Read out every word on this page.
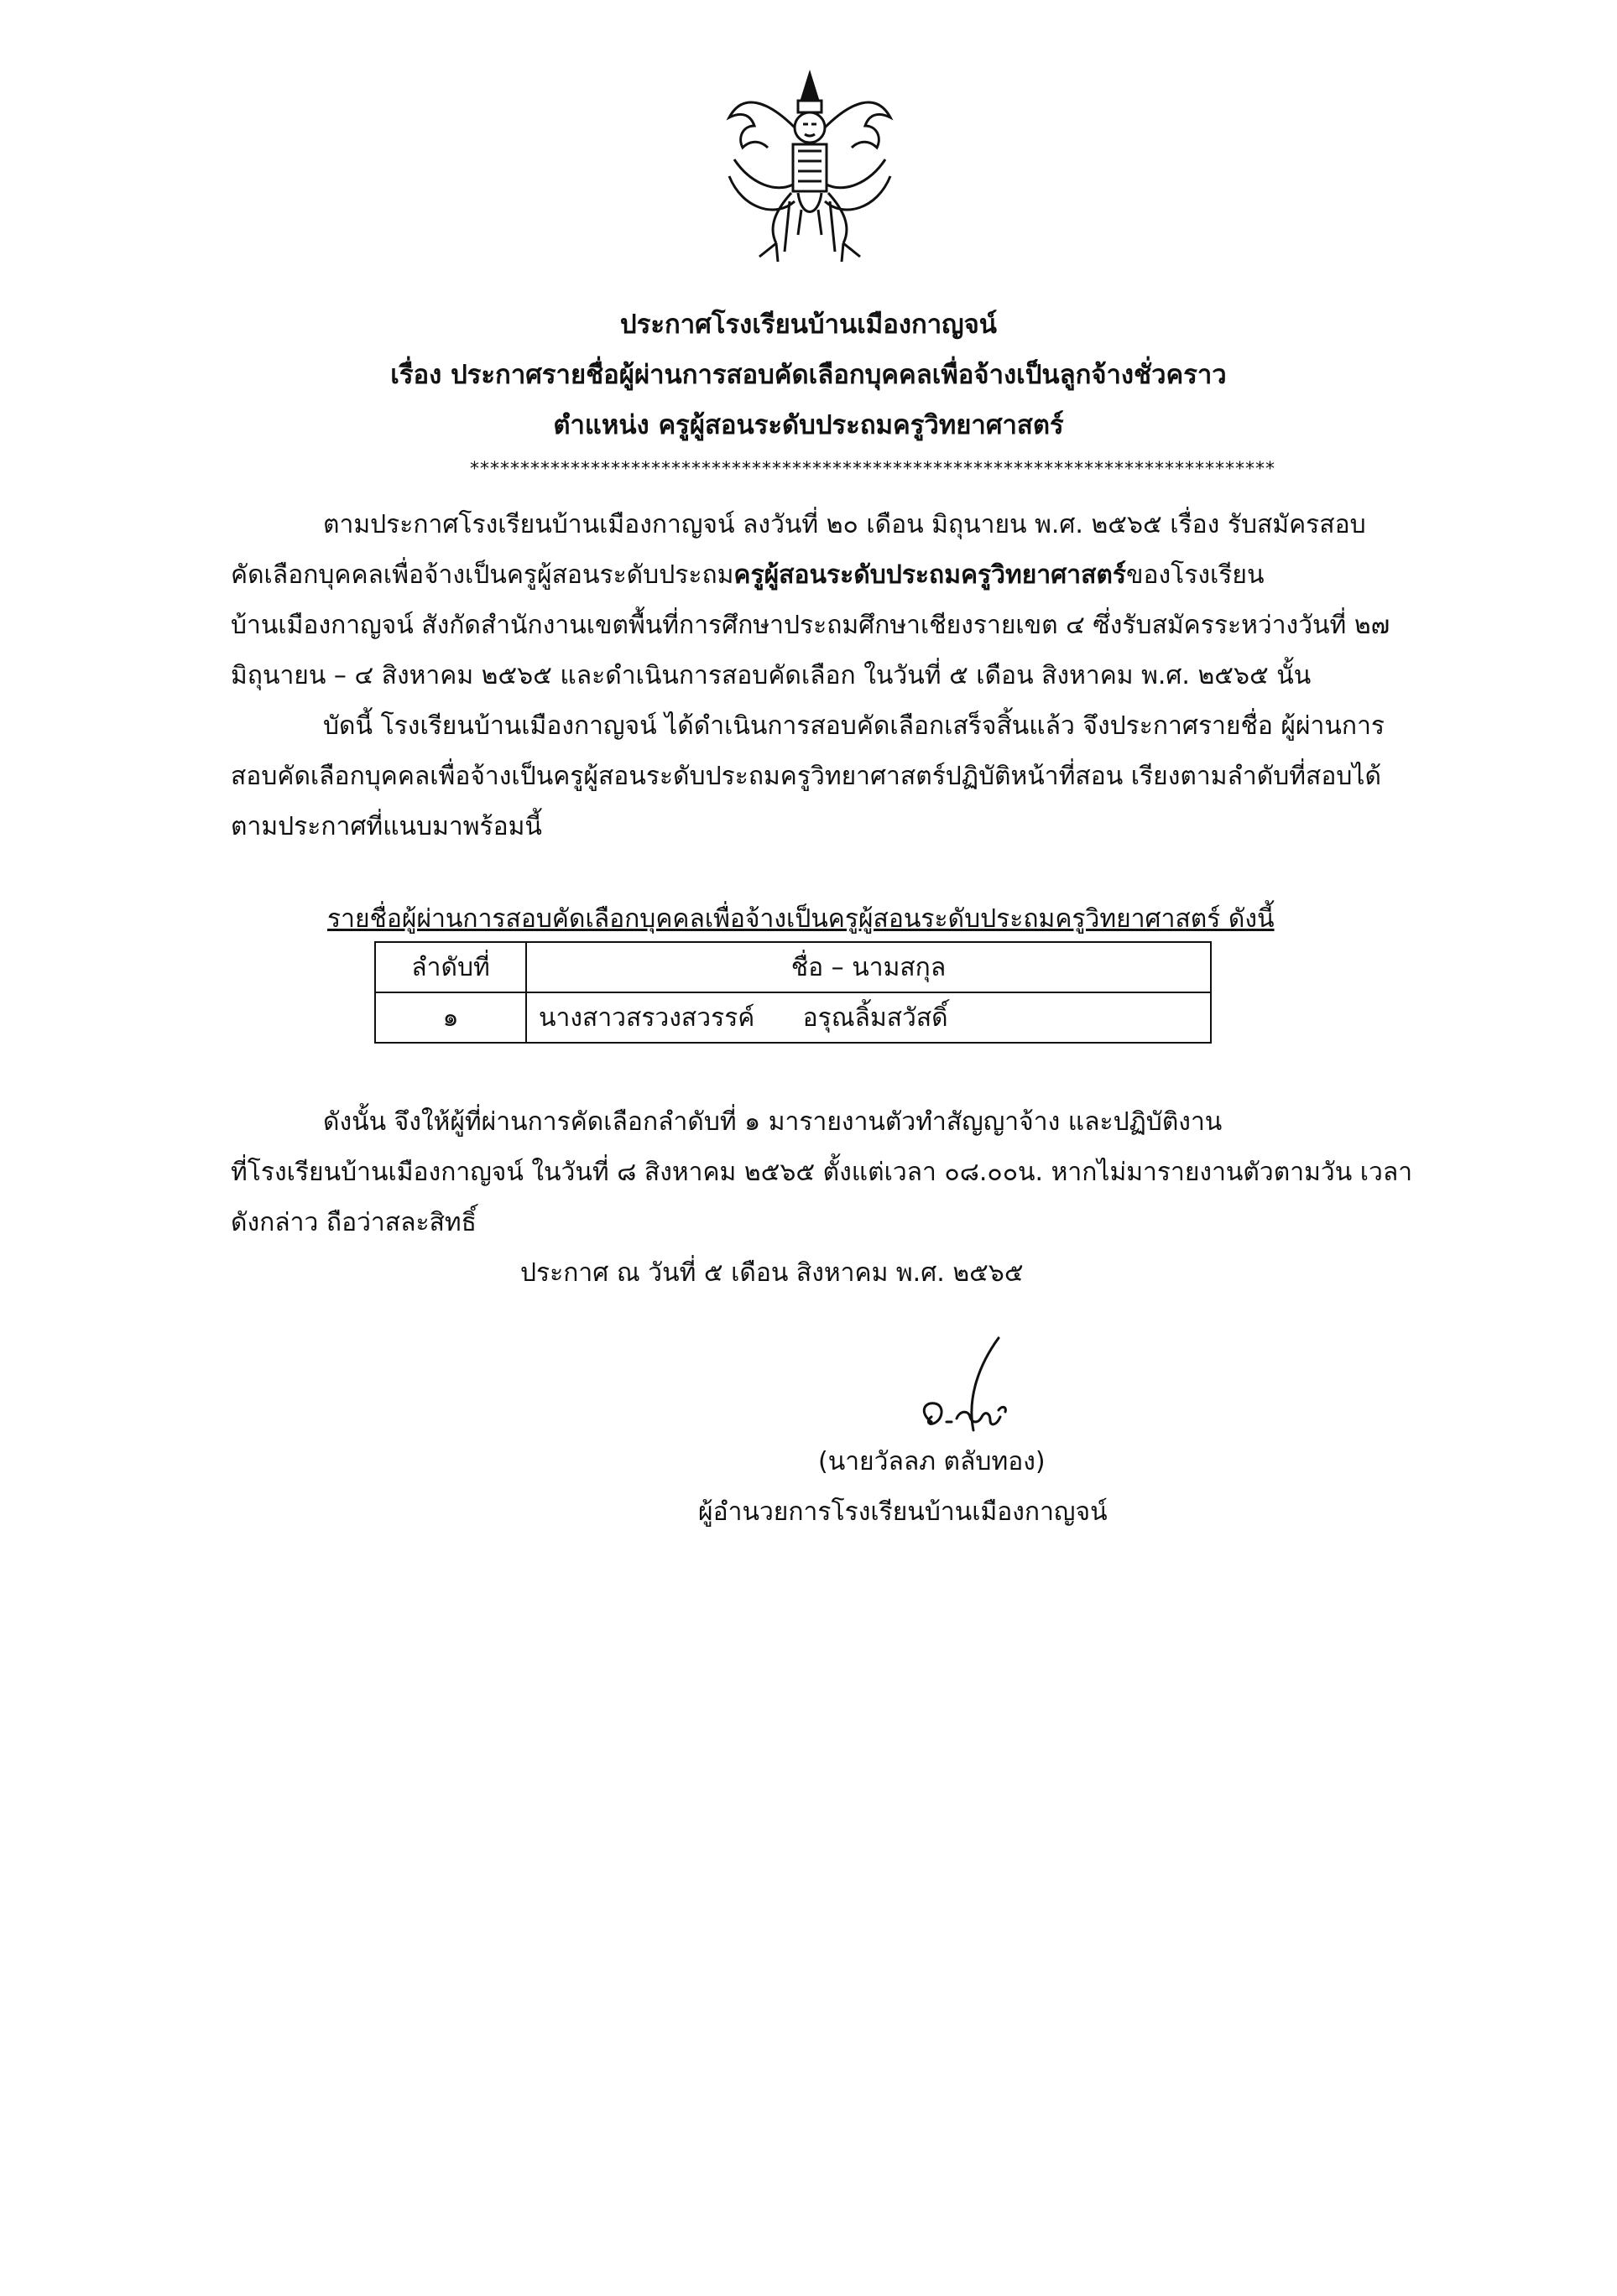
ประกาศโรงเรียนบ้านเมืองกาญจน์
เรื่อง ประกาศรายชื่อผู้ผ่านการสอบคัดเลือกบุคคลเพื่อจ้างเป็นลูกจ้างชั่วคราว
ตำแหน่ง ครูผู้สอนระดับประถมครูวิทยาศาสตร์
********************************************************************************
ตามประกาศโรงเรียนบ้านเมืองกาญจน์ ลงวันที่ ๒๐ เดือน มิถุนายน พ.ศ. ๒๕๖๕ เรื่อง รับสมัครสอบ
คัดเลือกบุคคลเพื่อจ้างเป็นครูผู้สอนระดับประถมครูผู้สอนระดับประถมครูวิทยาศาสตร์ของโรงเรียน
บ้านเมืองกาญจน์ สังกัดสำนักงานเขตพื้นที่การศึกษาประถมศึกษาเชียงรายเขต ๔ ซึ่งรับสมัครระหว่างวันที่ ๒๗
มิถุนายน – ๔ สิงหาคม ๒๕๖๕ และดำเนินการสอบคัดเลือก ในวันที่ ๕ เดือน สิงหาคม พ.ศ. ๒๕๖๕ นั้น
บัดนี้ โรงเรียนบ้านเมืองกาญจน์ ได้ดำเนินการสอบคัดเลือกเสร็จสิ้นแล้ว จึงประกาศรายชื่อ ผู้ผ่านการ
สอบคัดเลือกบุคคลเพื่อจ้างเป็นครูผู้สอนระดับประถมครูวิทยาศาสตร์ปฏิบัติหน้าที่สอน เรียงตามลำดับที่สอบได้
ตามประกาศที่แนบมาพร้อมนี้
รายชื่อผู้ผ่านการสอบคัดเลือกบุคคลเพื่อจ้างเป็นครูผู้สอนระดับประถมครูวิทยาศาสตร์ ดังนี้
ลำดับที่	ชื่อ – นามสกุล
๑	นางสาวสรวงสวรรค์ อรุณลิ้มสวัสดิ์
ดังนั้น จึงให้ผู้ที่ผ่านการคัดเลือกลำดับที่ ๑ มารายงานตัวทำสัญญาจ้าง และปฏิบัติงาน
ที่โรงเรียนบ้านเมืองกาญจน์ ในวันที่ ๘ สิงหาคม ๒๕๖๕ ตั้งแต่เวลา ๐๘.๐๐น. หากไม่มารายงานตัวตามวัน เวลา
ดังกล่าว ถือว่าสละสิทธิ์
ประกาศ ณ วันที่ ๕ เดือน สิงหาคม พ.ศ. ๒๕๖๕
(นายวัลลภ ตลับทอง)
ผู้อำนวยการโรงเรียนบ้านเมืองกาญจน์
